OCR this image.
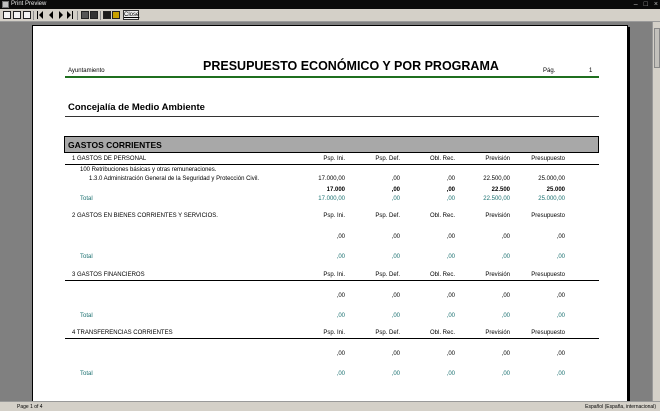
Print Preview	– □ ×
Close
Ayuntamiento	PRESUPUESTO ECONÓMICO Y POR PROGRAMA	Pág.	1
Concejalía de Medio Ambiente
GASTOS CORRIENTES
1 GASTOS DE PERSONAL	Psp. Ini.	Psp. Def.	Obl. Rec.	Previsión	Presupuesto
100 Retribuciones básicas y otras remuneraciones.
1.3.0 Administración General de la Seguridad y Protección Civil.	17.000,00	,00	,00	22.500,00	25.000,00
17.000	,00	,00	22.500	25.000
Total	17.000,00	,00	,00	22.500,00	25.000,00
2 GASTOS EN BIENES CORRIENTES Y SERVICIOS.	Psp. Ini.	Psp. Def.	Obl. Rec.	Previsión	Presupuesto
,00	,00	,00	,00	,00
Total	,00	,00	,00	,00	,00
3 GASTOS FINANCIEROS	Psp. Ini.	Psp. Def.	Obl. Rec.	Previsión	Presupuesto
,00	,00	,00	,00	,00
Total	,00	,00	,00	,00	,00
4 TRANSFERENCIAS CORRIENTES	Psp. Ini.	Psp. Def.	Obl. Rec.	Previsión	Presupuesto
,00	,00	,00	,00	,00
Total	,00	,00	,00	,00	,00
Page 1 of 4	Español (España, internacional)
